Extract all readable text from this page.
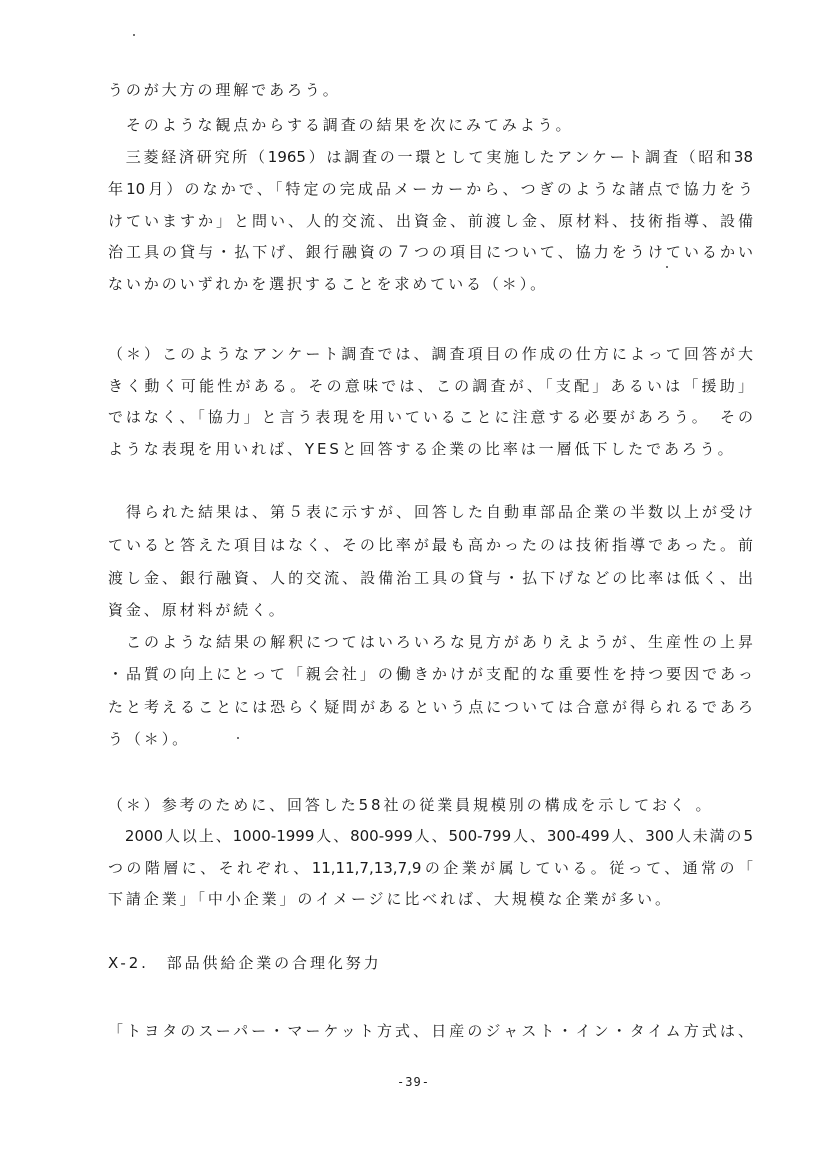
うのが大方の理解であろう。
　そのような観点からする調査の結果を次にみてみよう。
　三菱経済研究所（1965）は調査の一環として実施したアンケート調査（昭和38
年10月）のなかで、「特定の完成品メーカーから、つぎのような諸点で協力をう
けていますか」と問い、人的交流、出資金、前渡し金、原材料、技術指導、設備
治工具の貸与・払下げ、銀行融資の７つの項目について、協力をうけているかい
ないかのいずれかを選択することを求めている（＊）。
（＊）このようなアンケート調査では、調査項目の作成の仕方によって回答が大
きく動く可能性がある。その意味では、この調査が、「支配」あるいは「援助」
ではなく、「協力」と言う表現を用いていることに注意する必要があろう。　その
ような表現を用いれば、YESと回答する企業の比率は一層低下したであろう。
　得られた結果は、第５表に示すが、回答した自動車部品企業の半数以上が受け
ていると答えた項目はなく、その比率が最も高かったのは技術指導であった。前
渡し金、銀行融資、人的交流、設備治工具の貸与・払下げなどの比率は低く、出
資金、原材料が続く。
　このような結果の解釈につてはいろいろな見方がありえようが、生産性の上昇
・品質の向上にとって「親会社」の働きかけが支配的な重要性を持つ要因であっ
たと考えることには恐らく疑問があるという点については合意が得られるであろ
う（＊）。
（＊）参考のために、回答した58社の従業員規模別の構成を示しておく 。
　2000人以上、1000-1999人、800-999人、500-799人、300-499人、300人未満の5
つの階層に、それぞれ、11,11,7,13,7,9の企業が属している。従って、通常の「
下請企業」「中小企業」のイメージに比べれば、大規模な企業が多い。
X-2.　部品供給企業の合理化努力
「トヨタのスーパー・マーケット方式、日産のジャスト・イン・タイム方式は、
-39-
